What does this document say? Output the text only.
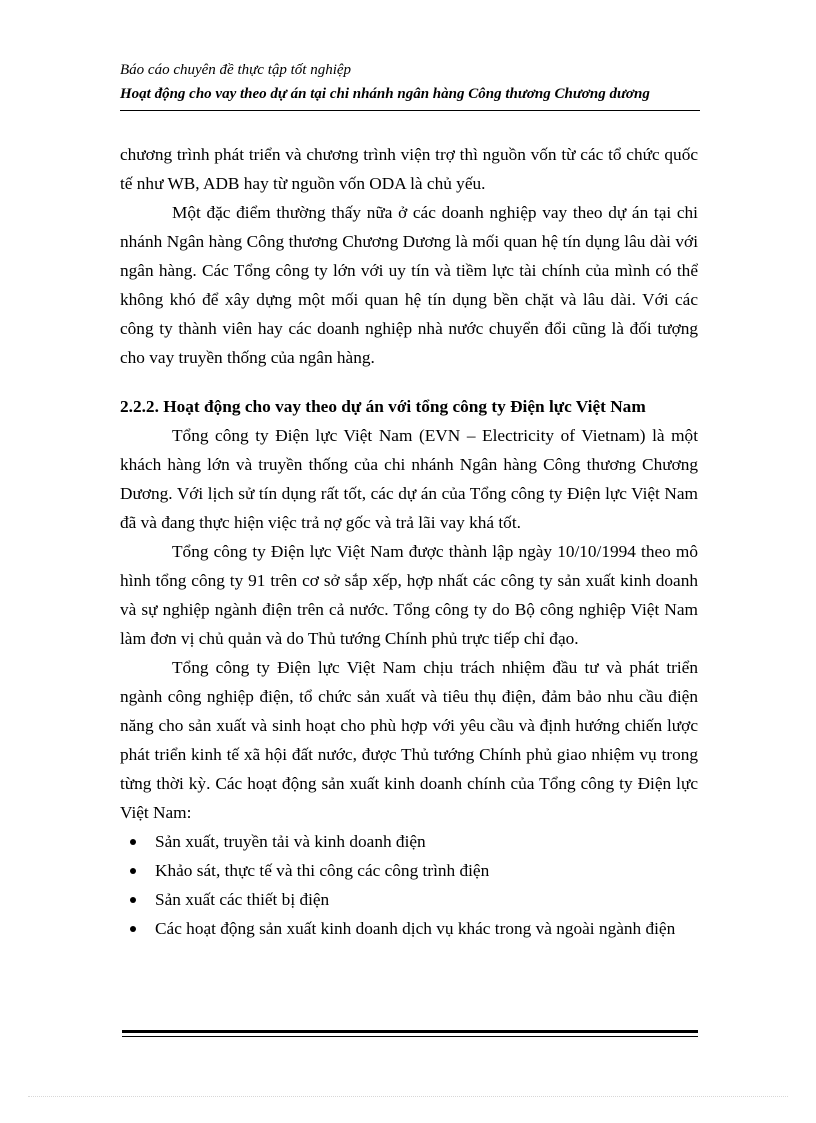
Báo cáo chuyên đề thực tập tốt nghiệp
Hoạt động cho vay theo dự án tại chi nhánh ngân hàng Công thương Chương dương

chương trình phát triển và chương trình viện trợ thì nguồn vốn từ các tổ chức quốc tế như WB, ADB hay từ nguồn vốn ODA là chủ yếu.

Một đặc điểm thường thấy nữa ở các doanh nghiệp vay theo dự án tại chi nhánh Ngân hàng Công thương Chương Dương là mối quan hệ tín dụng lâu dài với ngân hàng. Các Tổng công ty lớn với uy tín và tiềm lực tài chính của mình có thể không khó để xây dựng một mối quan hệ tín dụng bền chặt và lâu dài. Với các công ty thành viên hay các doanh nghiệp nhà nước chuyển đổi cũng là đối tượng cho vay truyền thống của ngân hàng.

2.2.2. Hoạt động cho vay theo dự án với tổng công ty Điện lực Việt Nam

Tổng công ty Điện lực Việt Nam (EVN – Electricity of Vietnam) là một khách hàng lớn và truyền thống của chi nhánh Ngân hàng Công thương Chương Dương. Với lịch sử tín dụng rất tốt, các dự án của Tổng công ty Điện lực Việt Nam đã và đang thực hiện việc trả nợ gốc và trả lãi vay khá tốt.

Tổng công ty Điện lực Việt Nam được thành lập ngày 10/10/1994 theo mô hình tổng công ty 91 trên cơ sở sắp xếp, hợp nhất các công ty sản xuất kinh doanh và sự nghiệp ngành điện trên cả nước. Tổng công ty do Bộ công nghiệp Việt Nam làm đơn vị chủ quản và do Thủ tướng Chính phủ trực tiếp chỉ đạo.

Tổng công ty Điện lực Việt Nam chịu trách nhiệm đầu tư và phát triển ngành công nghiệp điện, tổ chức sản xuất và tiêu thụ điện, đảm bảo nhu cầu điện năng cho sản xuất và sinh hoạt cho phù hợp với yêu cầu và định hướng chiến lược phát triển kinh tế xã hội đất nước, được Thủ tướng Chính phủ giao nhiệm vụ trong từng thời kỳ. Các hoạt động sản xuất kinh doanh chính của Tổng công ty Điện lực Việt Nam:

Sản xuất, truyền tải và kinh doanh điện
Khảo sát, thực tế và thi công các công trình điện
Sản xuất các thiết bị điện
Các hoạt động sản xuất kinh doanh dịch vụ khác trong và ngoài ngành điện
